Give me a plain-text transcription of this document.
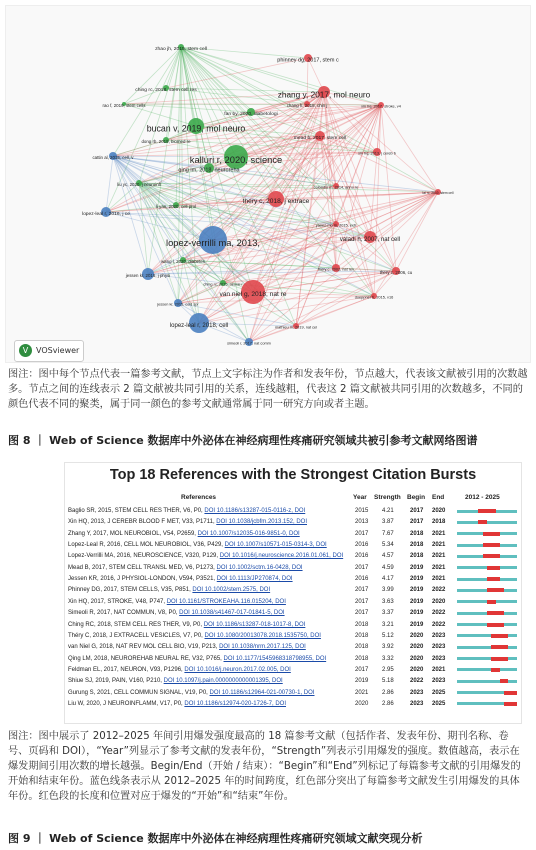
zhao jh, 2015, stem cell
phinney dg, 2017, stem c
ching rc, 2018, stem cell res	zhang y, 2017, mol neuro
chang h, 2018, chin j
rao f, 2019, stem cells	xin hq, 2017, stroke, v4
fan by, 2020, diabetologi
bucan v, 2019, mol neuro
mead b, 2017, stem cell
dong rb, 2019, biomed re
xin hq, 2013, j cereb b
cattin al, 2015, cell, v	kalluri r, 2020, science
qing lm, 2018, neuroreha
liu yc, 2020, j neuroinfl
colombo m, 2014, annu re
thery c, 2018, j extrace
lai rc, 2010, stem cell
li yan, 2020, cell prol
lopez-leal r, 2016, j ce
yanez-mo m, 2015, extr
valadi h, 2007, nat cell
lopez-verrilli ma, 2013,
wang l, 2020, diabetes
jessen kr, 2016, j physi
thery c, 2002, nat rev
thery c, 2006, cu
ching rc, 2015, neural r
van niel g, 2018, nat re	doeppner tr, 2015, v16
jessen kr, 2015, cold spr
lopez-leal r, 2018, cell	mathieu m, 2019, nat cel
simeoli r, 2017, nat comm
V VOSviewer

图注：图中每个节点代表一篇参考文献，节点上文字标注为作者和发表年份，节点越大，代表该文献被引用的次数越多。节点之间的连线表示 2 篇文献被共同引用的关系，连线越粗，代表这 2 篇文献被共同引用的次数越多，不同的颜色代表不同的聚类，属于同一颜色的参考文献通常属于同一研究方向或者主题。

图 8 ｜ Web of Science 数据库中外泌体在神经病理性疼痛研究领域共被引参考文献网络图谱
Top 18 References with the Strongest Citation Bursts
References	Year Strength Begin End	2012 - 2025
Baglio SR, 2015, STEM CELL RES THER, V6, P0, DOI 10.1186/s13287-015-0116-z, DOI	2015 4.21	2017 2020
Xin HQ, 2013, J CEREBR BLOOD F MET, V33, P1711, DOI 10.1038/jcbfm.2013.152, DOI	2013 3.87	2017 2018
Zhang Y, 2017, MOL NEUROBIOL, V54, P2659, DOI 10.1007/s12035-016-9851-0, DOI	2017 7.67	2018 2021
Lopez-Leal R, 2016, CELL MOL NEUROBIOL, V36, P429, DOI 10.1007/s10571-015-0314-3, DOI	2016 5.34	2018 2021
Lopez-Verrilli MA, 2016, NEUROSCIENCE, V320, P129, DOI 10.1016/j.neuroscience.2016.01.061, DOI	2016 4.57	2018 2021
Mead B, 2017, STEM CELL TRANSL MED, V6, P1273, DOI 10.1002/sctm.16-0428, DOI	2017 4.59	2019 2021
Jessen KR, 2016, J PHYSIOL-LONDON, V594, P3521, DOI 10.1113/JP270874, DOI	2016 4.17	2019 2021
Phinney DG, 2017, STEM CELLS, V35, P851, DOI 10.1002/stem.2575, DOI	2017 3.99	2019 2022
Xin HQ, 2017, STROKE, V48, P747, DOI 10.1161/STROKEAHA.116.015204, DOI	2017 3.63	2019 2020
Simeoli R, 2017, NAT COMMUN, V8, P0, DOI 10.1038/s41467-017-01841-5, DOI	2017 3.37	2019 2022
Ching RC, 2018, STEM CELL RES THER, V9, P0, DOI 10.1186/s13287-018-1017-8, DOI	2018 3.21	2019 2022
Théry C, 2018, J EXTRACELL VESICLES, V7, P0, DOI 10.1080/20013078.2018.1535750, DOI	2018 5.12	2020 2023
van Niel G, 2018, NAT REV MOL CELL BIO, V19, P213, DOI 10.1038/nrm.2017.125, DOI	2018 3.92	2020 2023
Qing LM, 2018, NEUROREHAB NEURAL RE, V32, P765, DOI 10.1177/1545968318798955, DOI	2018 3.32	2020 2023
Feldman EL, 2017, NEURON, V93, P1296, DOI 10.1016/j.neuron.2017.02.005, DOI	2017 2.95	2020 2021
Shiue SJ, 2019, PAIN, V160, P210, DOI 10.1097/j.pain.0000000000001395, DOI	2019 5.18	2022 2023
Gurung S, 2021, CELL COMMUN SIGNAL, V19, P0, DOI 10.1186/s12964-021-00730-1, DOI	2021 2.86	2023 2025
Liu W, 2020, J NEUROINFLAMM, V17, P0, DOI 10.1186/s12974-020-1726-7, DOI	2020 2.86	2023 2025

图注：图中展示了 2012–2025 年间引用爆发强度最高的 18 篇参考文献（包括作者、发表年份、期刊名称、卷号、页码和 DOI），“Year”列显示了参考文献的发表年份，“Strength”列表示引用爆发的强度。数值越高，表示在爆发期间引用次数的增长越强。Begin/End（开始 / 结束）：“Begin”和“End”列标记了每篇参考文献的引用爆发的开始和结束年份。蓝色线条表示从 2012–2025 年的时间跨度，红色部分突出了每篇参考文献发生引用爆发的具体年份。红色段的长度和位置对应于爆发的“开始”和“结束”年份。

图 9 ｜ Web of Science 数据库中外泌体在神经病理性疼痛研究领域文献突现分析
